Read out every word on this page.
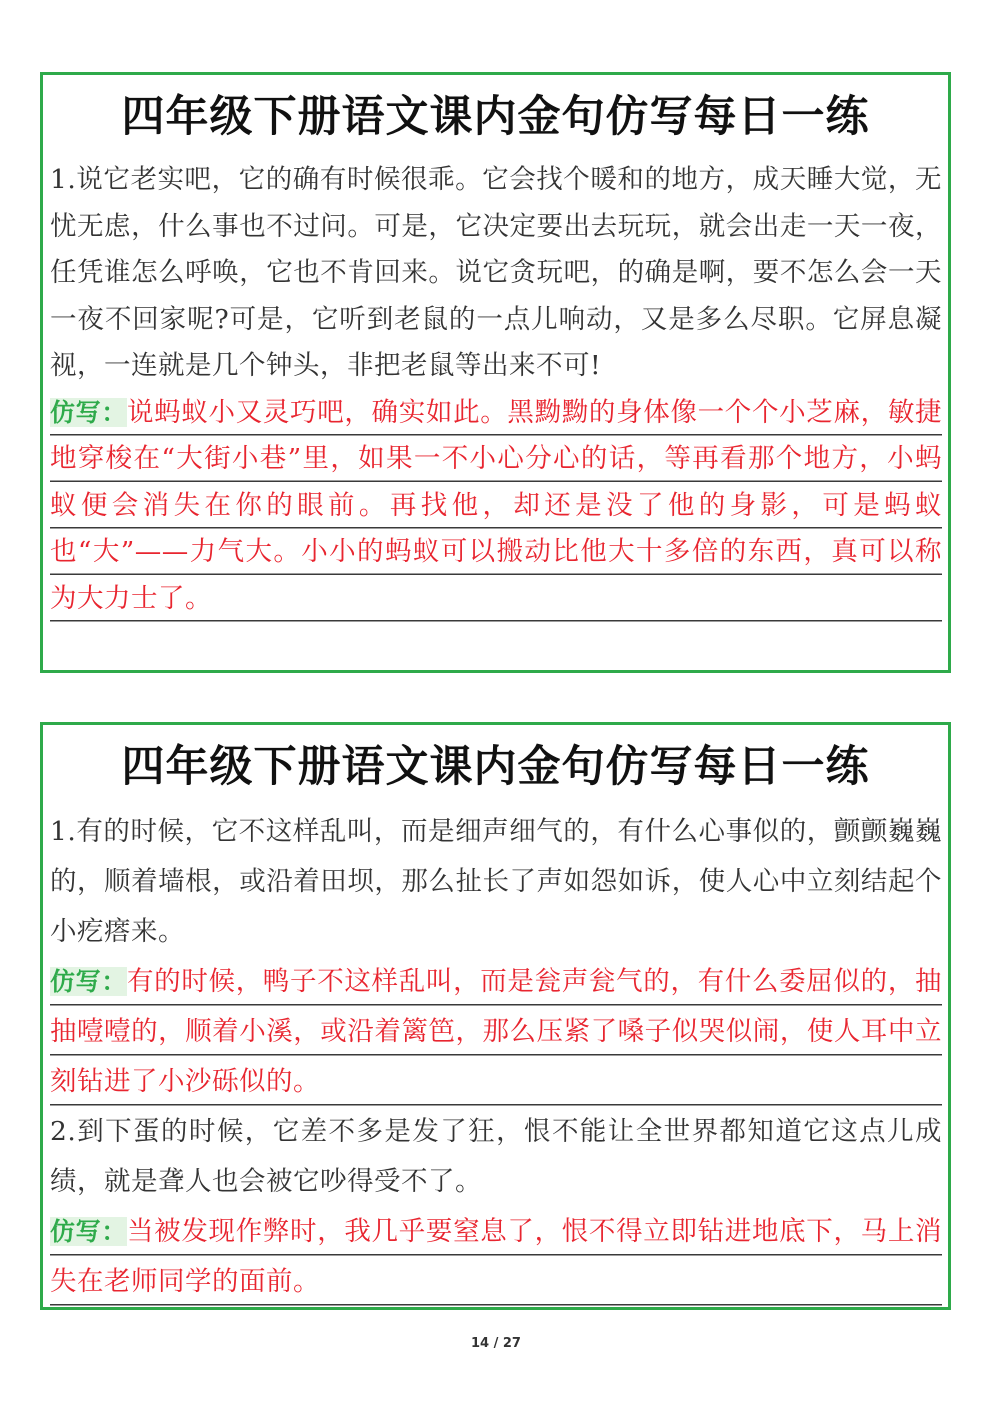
四年级下册语文课内金句仿写每日一练

1.说它老实吧，它的确有时候很乖。它会找个暖和的地方，成天睡大觉，无忧无虑，什么事也不过问。可是，它决定要出去玩玩，就会出走一天一夜，任凭谁怎么呼唤，它也不肯回来。说它贪玩吧，的确是啊，要不怎么会一天一夜不回家呢?可是，它听到老鼠的一点儿响动，又是多么尽职。它屏息凝视，一连就是几个钟头，非把老鼠等出来不可!

仿写：说蚂蚁小又灵巧吧，确实如此。黑黝黝的身体像一个个小芝麻，敏捷地穿梭在“大街小巷”里，如果一不小心分心的话，等再看那个地方，小蚂蚁便会消失在你的眼前。再找他，却还是没了他的身影，可是蚂蚁也“大”——力气大。小小的蚂蚁可以搬动比他大十多倍的东西，真可以称为大力士了。

四年级下册语文课内金句仿写每日一练

1.有的时候，它不这样乱叫，而是细声细气的，有什么心事似的，颤颤巍巍的，顺着墙根，或沿着田坝，那么扯长了声如怨如诉，使人心中立刻结起个小疙瘩来。

仿写：有的时候，鸭子不这样乱叫，而是瓮声瓮气的，有什么委屈似的，抽抽噎噎的，顺着小溪，或沿着篱笆，那么压紧了嗓子似哭似闹，使人耳中立刻钻进了小沙砾似的。

2.到下蛋的时候，它差不多是发了狂，恨不能让全世界都知道它这点儿成绩，就是聋人也会被它吵得受不了。

仿写：当被发现作弊时，我几乎要窒息了，恨不得立即钻进地底下，马上消失在老师同学的面前。

14 / 27
